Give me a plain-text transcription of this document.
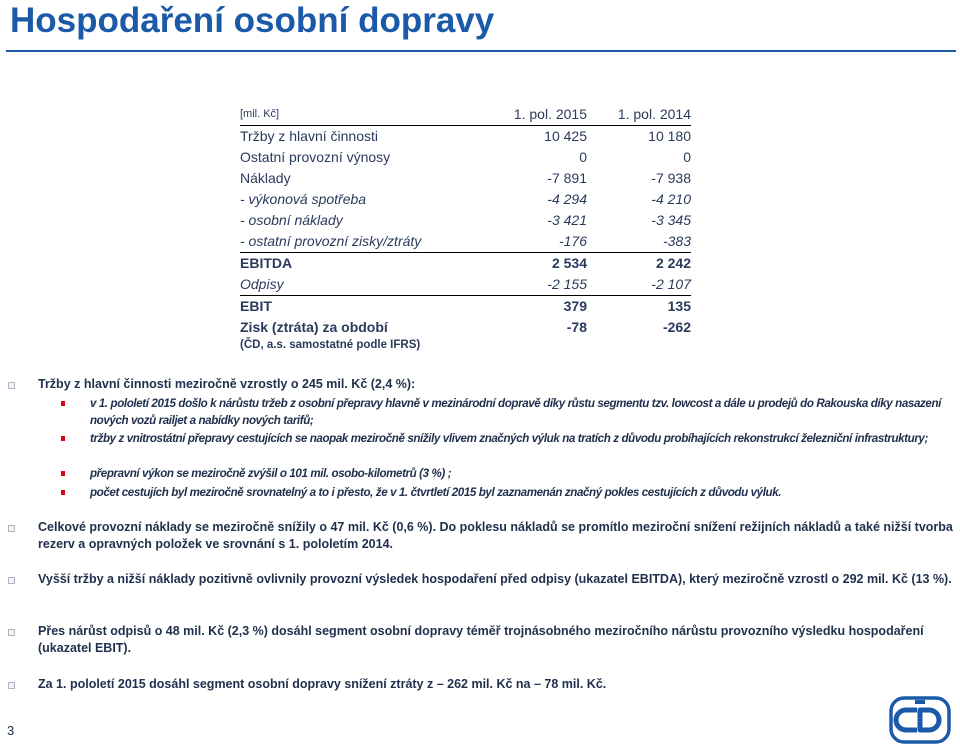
Hospodaření osobní dopravy
[mil. Kč]	1. pol. 2015	1. pol. 2014
Tržby z hlavní činnosti	10 425	10 180
Ostatní provozní výnosy	0	0
Náklady	-7 891	-7 938
- výkonová spotřeba	-4 294	-4 210
- osobní náklady	-3 421	-3 345
- ostatní provozní zisky/ztráty	-176	-383
EBITDA	2 534	2 242
Odpisy	-2 155	-2 107
EBIT	379	135
Zisk (ztráta) za období	-78	-262
(ČD, a.s. samostatné podle IFRS)
Tržby z hlavní činnosti meziročně vzrostly o 245 mil. Kč (2,4 %):
v 1. pololetí 2015 došlo k nárůstu tržeb z osobní přepravy hlavně v mezinárodní dopravě díky růstu segmentu tzv. lowcost a dále u prodejů do Rakouska díky nasazení nových vozů railjet a nabídky nových tarifů;
tržby z vnitrostátní přepravy cestujících se naopak meziročně snížily vlivem značných výluk na tratích z důvodu probíhajících rekonstrukcí železniční infrastruktury;
přepravní výkon se meziročně zvýšil o 101 mil. osobo-kilometrů (3 %) ;
počet cestujích byl meziročně srovnatelný a to i přesto, že v 1. čtvrtletí 2015 byl zaznamenán značný pokles cestujících z důvodu výluk.
Celkové provozní náklady se meziročně snížily o 47 mil. Kč (0,6 %). Do poklesu nákladů se promítlo meziroční snížení režijních nákladů a také nižší tvorba rezerv a opravných položek ve srovnání s 1. pololetím 2014.
Vyšší tržby a nižší náklady pozitivně ovlivnily provozní výsledek hospodaření před odpisy (ukazatel EBITDA), který meziročně vzrostl o 292 mil. Kč (13 %).
Přes nárůst odpisů o 48 mil. Kč (2,3 %) dosáhl segment osobní dopravy téměř trojnásobného meziročního nárůstu provozního výsledku hospodaření (ukazatel EBIT).
Za 1. pololetí 2015 dosáhl segment osobní dopravy snížení ztráty z – 262 mil. Kč na – 78 mil. Kč.
3
